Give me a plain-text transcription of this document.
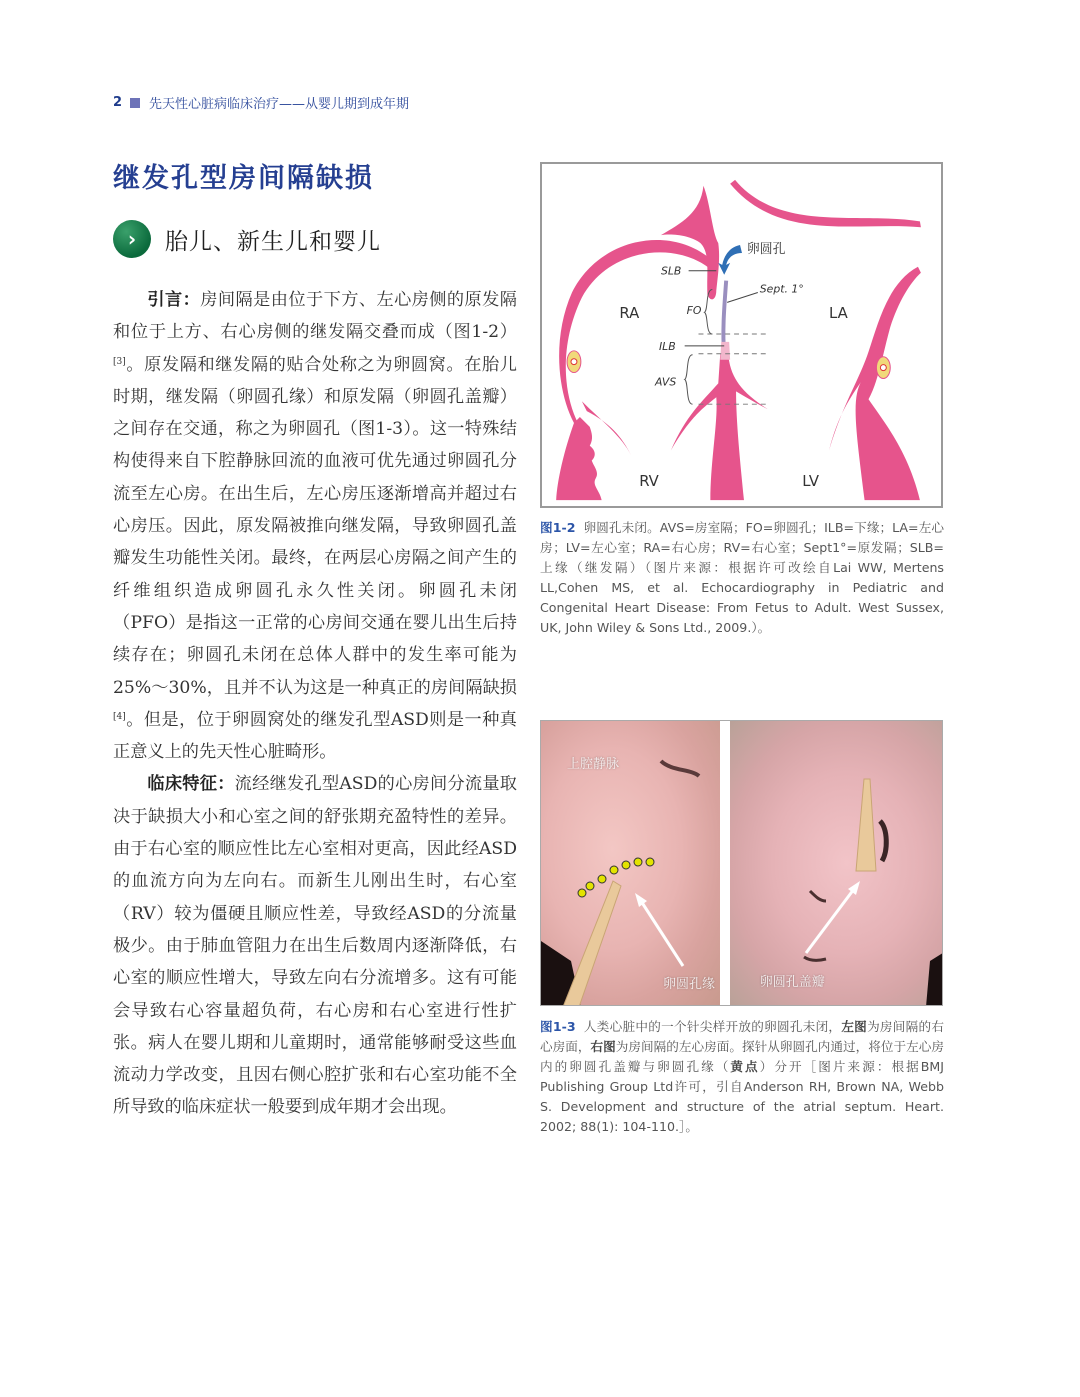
2 先天性心脏病临床治疗——从婴儿期到成年期
继发孔型房间隔缺损
›	胎儿、新生儿和婴儿

引言：房间隔是由位于下方、左心房侧的原发隔和位于上方、右心房侧的继发隔交叠而成（图1-2）[3]。原发隔和继发隔的贴合处称之为卵圆窝。在胎儿时期，继发隔（卵圆孔缘）和原发隔（卵圆孔盖瓣）之间存在交通，称之为卵圆孔（图1-3）。这一特殊结构使得来自下腔静脉回流的血液可优先通过卵圆孔分流至左心房。在出生后，左心房压逐渐增高并超过右心房压。因此，原发隔被推向继发隔，导致卵圆孔盖瓣发生功能性关闭。最终，在两层心房隔之间产生的纤维组织造成卵圆孔永久性关闭。卵圆孔未闭（PFO）是指这一正常的心房间交通在婴儿出生后持续存在；卵圆孔未闭在总体人群中的发生率可能为25%～30%，且并不认为这是一种真正的房间隔缺损[4]。但是，位于卵圆窝处的继发孔型ASD则是一种真正意义上的先天性心脏畸形。

临床特征：流经继发孔型ASD的心房间分流量取决于缺损大小和心室之间的舒张期充盈特性的差异。由于右心室的顺应性比左心室相对更高，因此经ASD的血流方向为左向右。而新生儿刚出生时，右心室（RV）较为僵硬且顺应性差，导致经ASD的分流量极少。由于肺血管阻力在出生后数周内逐渐降低，右心室的顺应性增大，导致左向右分流增多。这有可能会导致右心容量超负荷，右心房和右心室进行性扩张。病人在婴儿期和儿童期时，通常能够耐受这些血流动力学改变，且因右侧心腔扩张和右心室功能不全所导致的临床症状一般要到成年期才会出现。

RA	LA
RV	LV
SLB
FO
ILB
AVS
Sept. 1°
卵圆孔
图1-2 卵圆孔未闭。AVS=房室隔；FO=卵圆孔；ILB=下缘；LA=左心房；LV=左心室；RA=右心房；RV=右心室；Sept1°=原发隔；SLB=上缘（继发隔）（图片来源：根据许可改绘自Lai WW, Mertens LL,Cohen MS, et al. Echocardiography in Pediatric and Congenital Heart Disease: From Fetus to Adult. West Sussex, UK, John Wiley & Sons Ltd., 2009.）。
上腔静脉
卵圆孔缘	卵圆孔盖瓣
图1-3 人类心脏中的一个针尖样开放的卵圆孔未闭，左图为房间隔的右心房面，右图为房间隔的左心房面。探针从卵圆孔内通过，将位于左心房内的卵圆孔盖瓣与卵圆孔缘（黄点）分开［图片来源：根据BMJ Publishing Group Ltd许可，引自Anderson RH, Brown NA, Webb S. Development and structure of the atrial septum. Heart. 2002; 88(1): 104-110.］。
